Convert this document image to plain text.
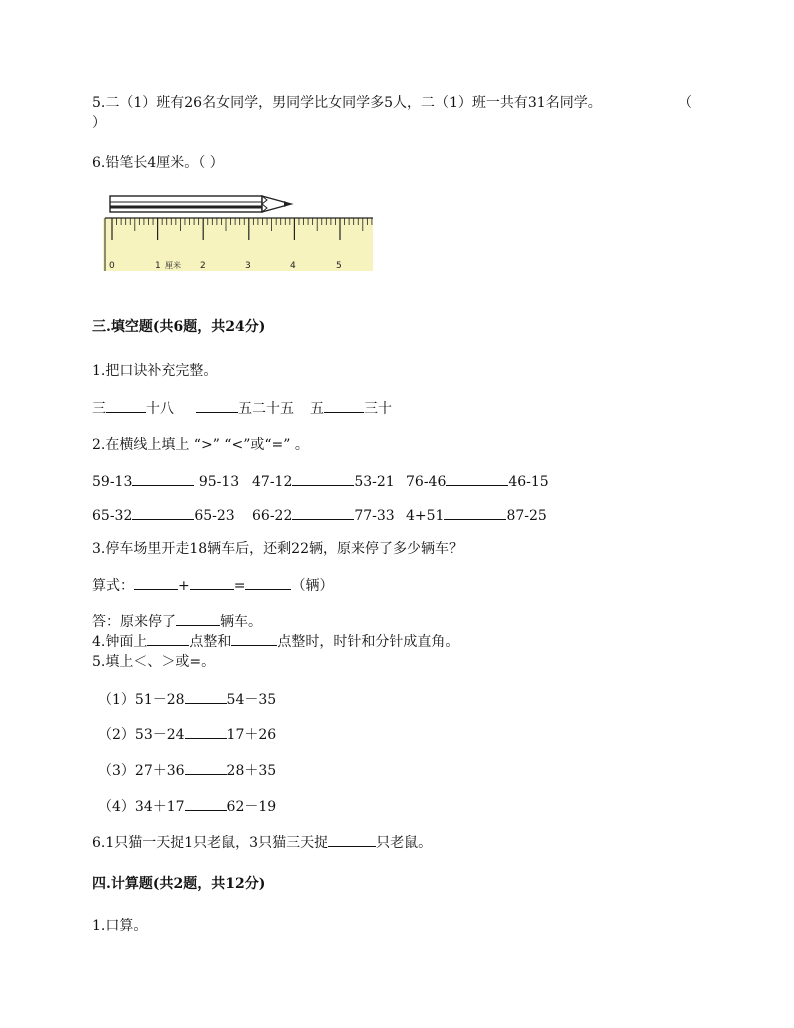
5.二（1）班有26名女同学，男同学比女同学多5人，二（1）班一共有31名同学。	（
）
6.铅笔长4厘米。（ ）
0	1 厘米 2	3	4	5
三.填空题(共6题，共24分)
1.把口诀补充完整。
三	十八	五二十五 五	三十
2.在横线上填上 “>” “<”或“=” 。
59-13	95-13 47-12	53-21 76-46	46-15
65-32	65-23 66-22	77-33 4+51	87-25
3.停车场里开走18辆车后，还剩22辆，原来停了多少辆车？
算式：	+	=	（辆）
答：原来停了	辆车。
4.钟面上	点整和	点整时，时针和分针成直角。
5.填上＜、＞或=。
（1）51－28	54－35
（2）53－24	17＋26
（3）27＋36	28＋35
（4）34＋17	62－19
6.1只猫一天捉1只老鼠，3只猫三天捉	只老鼠。
四.计算题(共2题，共12分)
1.口算。
